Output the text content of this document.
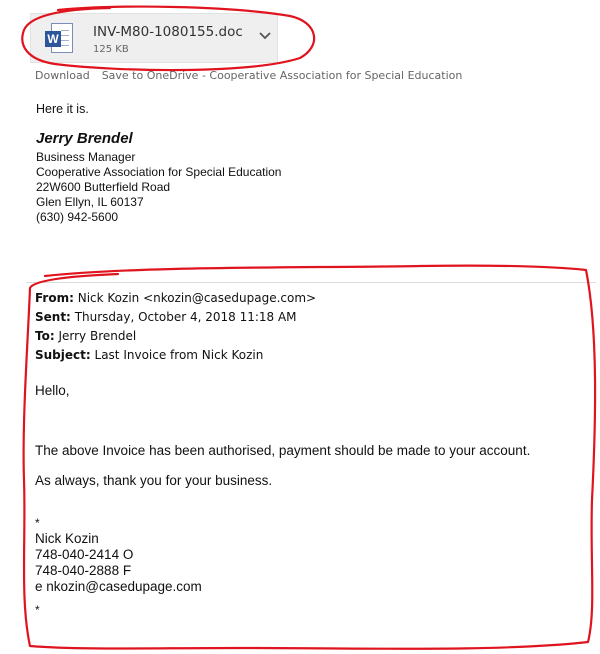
W	INV-M80-1080155.doc
125 KB
Download Save to OneDrive - Cooperative Association for Special Education
Here it is.
Jerry Brendel
Business Manager
Cooperative Association for Special Education
22W600 Butterfield Road
Glen Ellyn, IL 60137
(630) 942-5600
From: Nick Kozin <nkozin@casedupage.com>
Sent: Thursday, October 4, 2018 11:18 AM
To: Jerry Brendel
Subject: Last Invoice from Nick Kozin
Hello,
The above Invoice has been authorised, payment should be made to your account.
As always, thank you for your business.
*
Nick Kozin
748-040-2414 O
748-040-2888 F
e nkozin@casedupage.com
*
